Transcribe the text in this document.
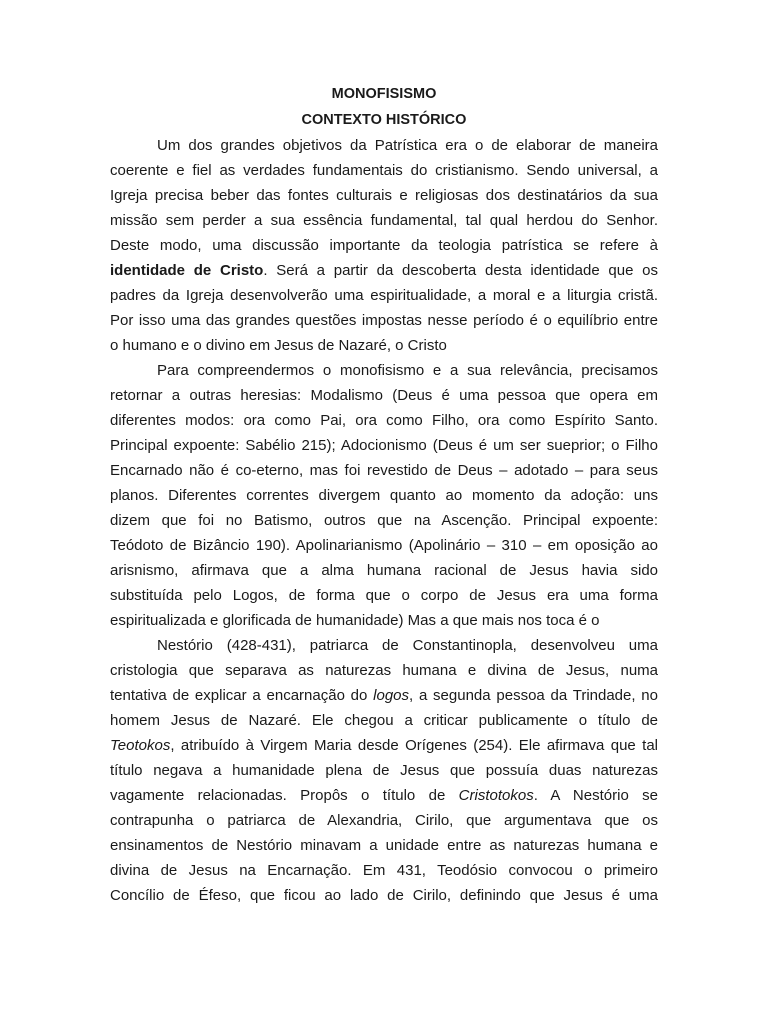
MONOFISISMO
CONTEXTO HISTÓRICO
Um dos grandes objetivos da Patrística era o de elaborar de maneira
coerente e fiel as verdades fundamentais do cristianismo. Sendo universal, a
Igreja precisa beber das fontes culturais e religiosas dos destinatários da sua
missão sem perder a sua essência fundamental, tal qual herdou do Senhor.
Deste modo, uma discussão importante da teologia patrística se refere à
identidade de Cristo. Será a partir da descoberta desta identidade que os
padres da Igreja desenvolverão uma espiritualidade, a moral e a liturgia cristã.
Por isso uma das grandes questões impostas nesse período é o equilíbrio entre
o humano e o divino em Jesus de Nazaré, o Cristo
Para compreendermos o monofisismo e a sua relevância, precisamos
retornar a outras heresias: Modalismo (Deus é uma pessoa que opera em
diferentes modos: ora como Pai, ora como Filho, ora como Espírito Santo.
Principal expoente: Sabélio 215); Adocionismo (Deus é um ser sueprior; o Filho
Encarnado não é co-eterno, mas foi revestido de Deus – adotado – para seus
planos. Diferentes correntes divergem quanto ao momento da adoção: uns
dizem que foi no Batismo, outros que na Ascenção. Principal expoente:
Teódoto de Bizâncio 190). Apolinarianismo (Apolinário – 310 – em oposição ao
arisnismo, afirmava que a alma humana racional de Jesus havia sido
substituída pelo Logos, de forma que o corpo de Jesus era uma forma
espiritualizada e glorificada de humanidade) Mas a que mais nos toca é o
Nestório (428-431), patriarca de Constantinopla, desenvolveu uma
cristologia que separava as naturezas humana e divina de Jesus, numa
tentativa de explicar a encarnação do logos, a segunda pessoa da Trindade, no
homem Jesus de Nazaré. Ele chegou a criticar publicamente o título de
Teotokos, atribuído à Virgem Maria desde Orígenes (254). Ele afirmava que tal
título negava a humanidade plena de Jesus que possuía duas naturezas
vagamente relacionadas. Propôs o título de Cristotokos. A Nestório se
contrapunha o patriarca de Alexandria, Cirilo, que argumentava que os
ensinamentos de Nestório minavam a unidade entre as naturezas humana e
divina de Jesus na Encarnação. Em 431, Teodósio convocou o primeiro
Concílio de Éfeso, que ficou ao lado de Cirilo, definindo que Jesus é uma
